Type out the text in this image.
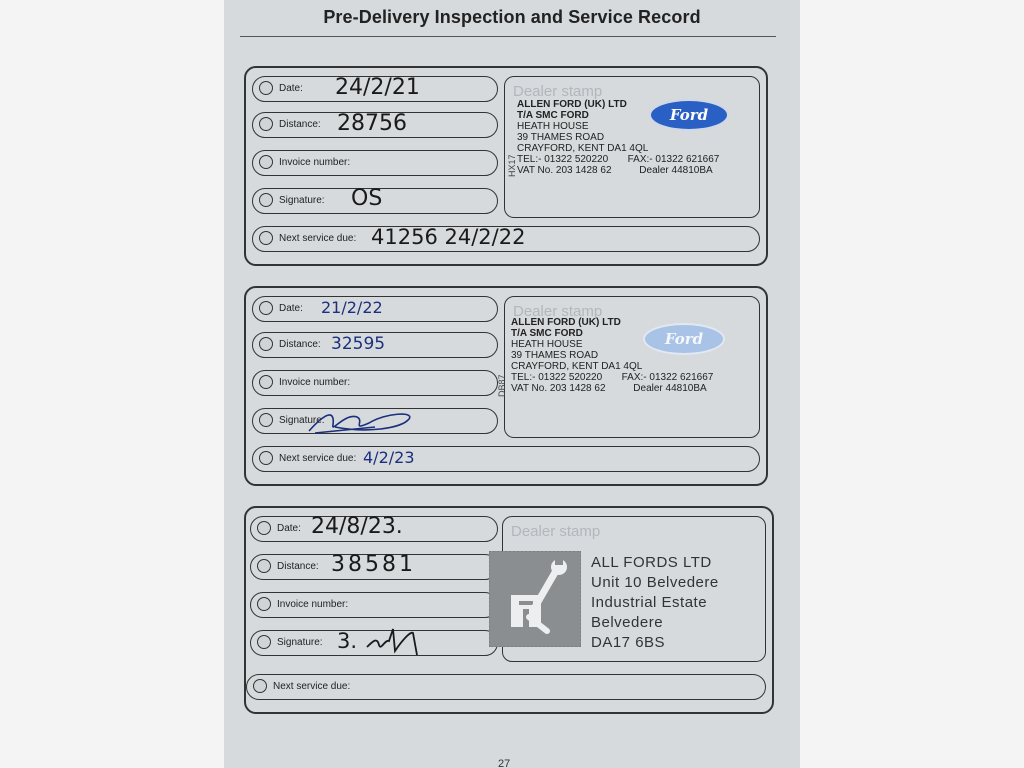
Pre-Delivery Inspection and Service Record
Date: 24/2/21
Distance: 28756
Invoice number:
Signature: OS
Next service due: 41256 24/2/22
Dealer stamp
ALLEN FORD (UK) LTD
T/A SMC FORD
HEATH HOUSE
39 THAMES ROAD
CRAYFORD, KENT DA1 4QL
TEL:- 01322 520220       FAX:- 01322 621667
VAT No. 203 1428 62          Dealer 44810BA
Ford
HX17
Date: 21/2/22
Distance: 32595
Invoice number:
Signature:
Next service due: 4/2/23
Dealer stamp
ALLEN FORD (UK) LTD
T/A SMC FORD
HEATH HOUSE
39 THAMES ROAD
CRAYFORD, KENT DA1 4QL
TEL:- 01322 520220       FAX:- 01322 621667
VAT No. 203 1428 62          Dealer 44810BA
Ford
DB87
Date: 24/8/23.
Distance: 38581
Invoice number:
Signature: 3.
Next service due:
Dealer stamp
ALL FORDS LTD
Unit 10 Belvedere
Industrial Estate
Belvedere
DA17 6BS
27
